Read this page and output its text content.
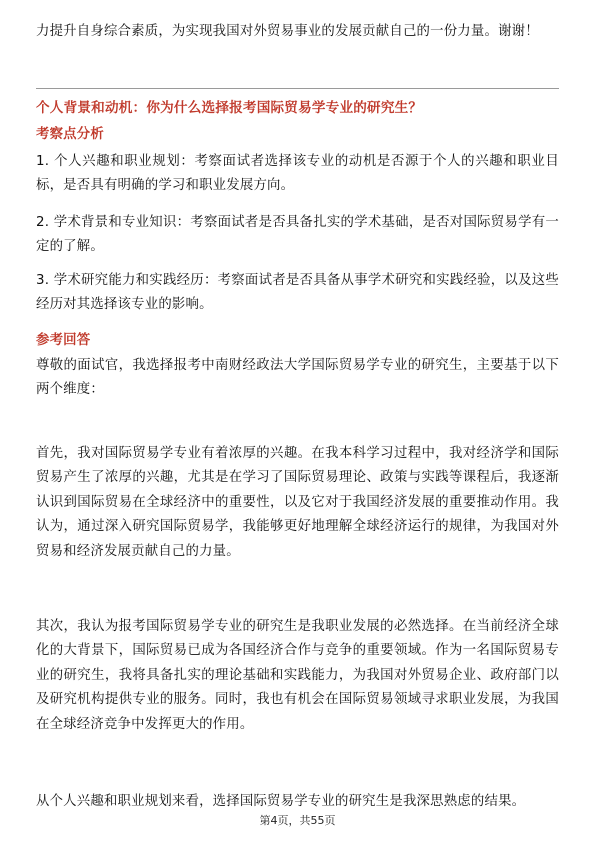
力提升自身综合素质，为实现我国对外贸易事业的发展贡献自己的一份力量。谢谢！

个人背景和动机：你为什么选择报考国际贸易学专业的研究生？

考察点分析

1. 个人兴趣和职业规划：考察面试者选择该专业的动机是否源于个人的兴趣和职业目标，是否具有明确的学习和职业发展方向。

2. 学术背景和专业知识：考察面试者是否具备扎实的学术基础，是否对国际贸易学有一定的了解。

3. 学术研究能力和实践经历：考察面试者是否具备从事学术研究和实践经验，以及这些经历对其选择该专业的影响。

参考回答

尊敬的面试官，我选择报考中南财经政法大学国际贸易学专业的研究生，主要基于以下两个维度：

首先，我对国际贸易学专业有着浓厚的兴趣。在我本科学习过程中，我对经济学和国际贸易产生了浓厚的兴趣，尤其是在学习了国际贸易理论、政策与实践等课程后，我逐渐认识到国际贸易在全球经济中的重要性，以及它对于我国经济发展的重要推动作用。我认为，通过深入研究国际贸易学，我能够更好地理解全球经济运行的规律，为我国对外贸易和经济发展贡献自己的力量。

其次，我认为报考国际贸易学专业的研究生是我职业发展的必然选择。在当前经济全球化的大背景下，国际贸易已成为各国经济合作与竞争的重要领域。作为一名国际贸易专业的研究生，我将具备扎实的理论基础和实践能力，为我国对外贸易企业、政府部门以及研究机构提供专业的服务。同时，我也有机会在国际贸易领域寻求职业发展，为我国在全球经济竞争中发挥更大的作用。

从个人兴趣和职业规划来看，选择国际贸易学专业的研究生是我深思熟虑的结果。

第4页，共55页
